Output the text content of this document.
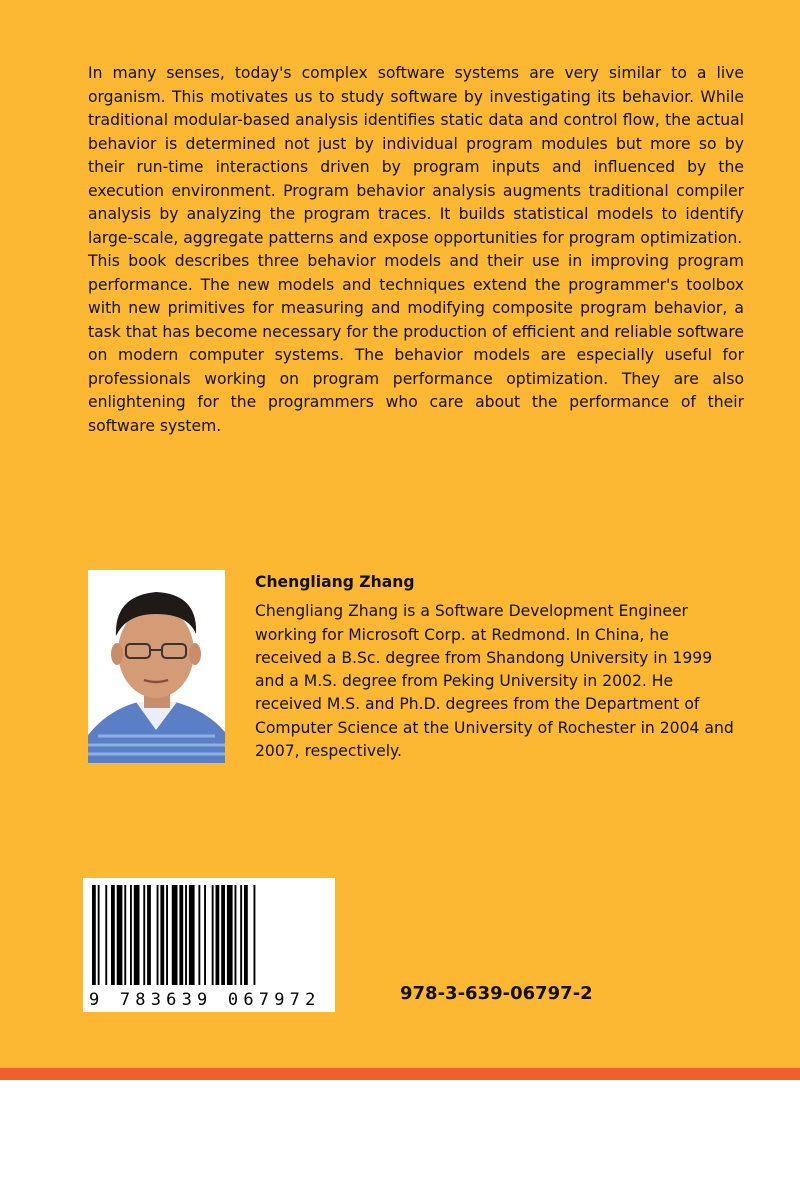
In many senses, today's complex software systems are very similar to a live organism. This motivates us to study software by investigating its behavior. While traditional modular-based analysis identifies static data and control flow, the actual behavior is determined not just by individual program modules but more so by their run-time interactions driven by program inputs and influenced by the execution environment. Program behavior analysis augments traditional compiler analysis by analyzing the program traces. It builds statistical models to identify large-scale, aggregate patterns and expose opportunities for program optimization.

This book describes three behavior models and their use in improving program performance. The new models and techniques extend the programmer's toolbox with new primitives for measuring and modifying composite program behavior, a task that has become necessary for the production of efficient and reliable software on modern computer systems. The behavior models are especially useful for professionals working on program performance optimization. They are also enlightening for the programmers who care about the performance of their software system.

Chengliang Zhang
Chengliang Zhang is a Software Development Engineer working for Microsoft Corp. at Redmond. In China, he received a B.Sc. degree from Shandong University in 1999 and a M.S. degree from Peking University in 2002. He received M.S. and Ph.D. degrees from the Department of Computer Science at the University of Rochester in 2004 and 2007, respectively.
9 783639 067972	978-3-639-06797-2
